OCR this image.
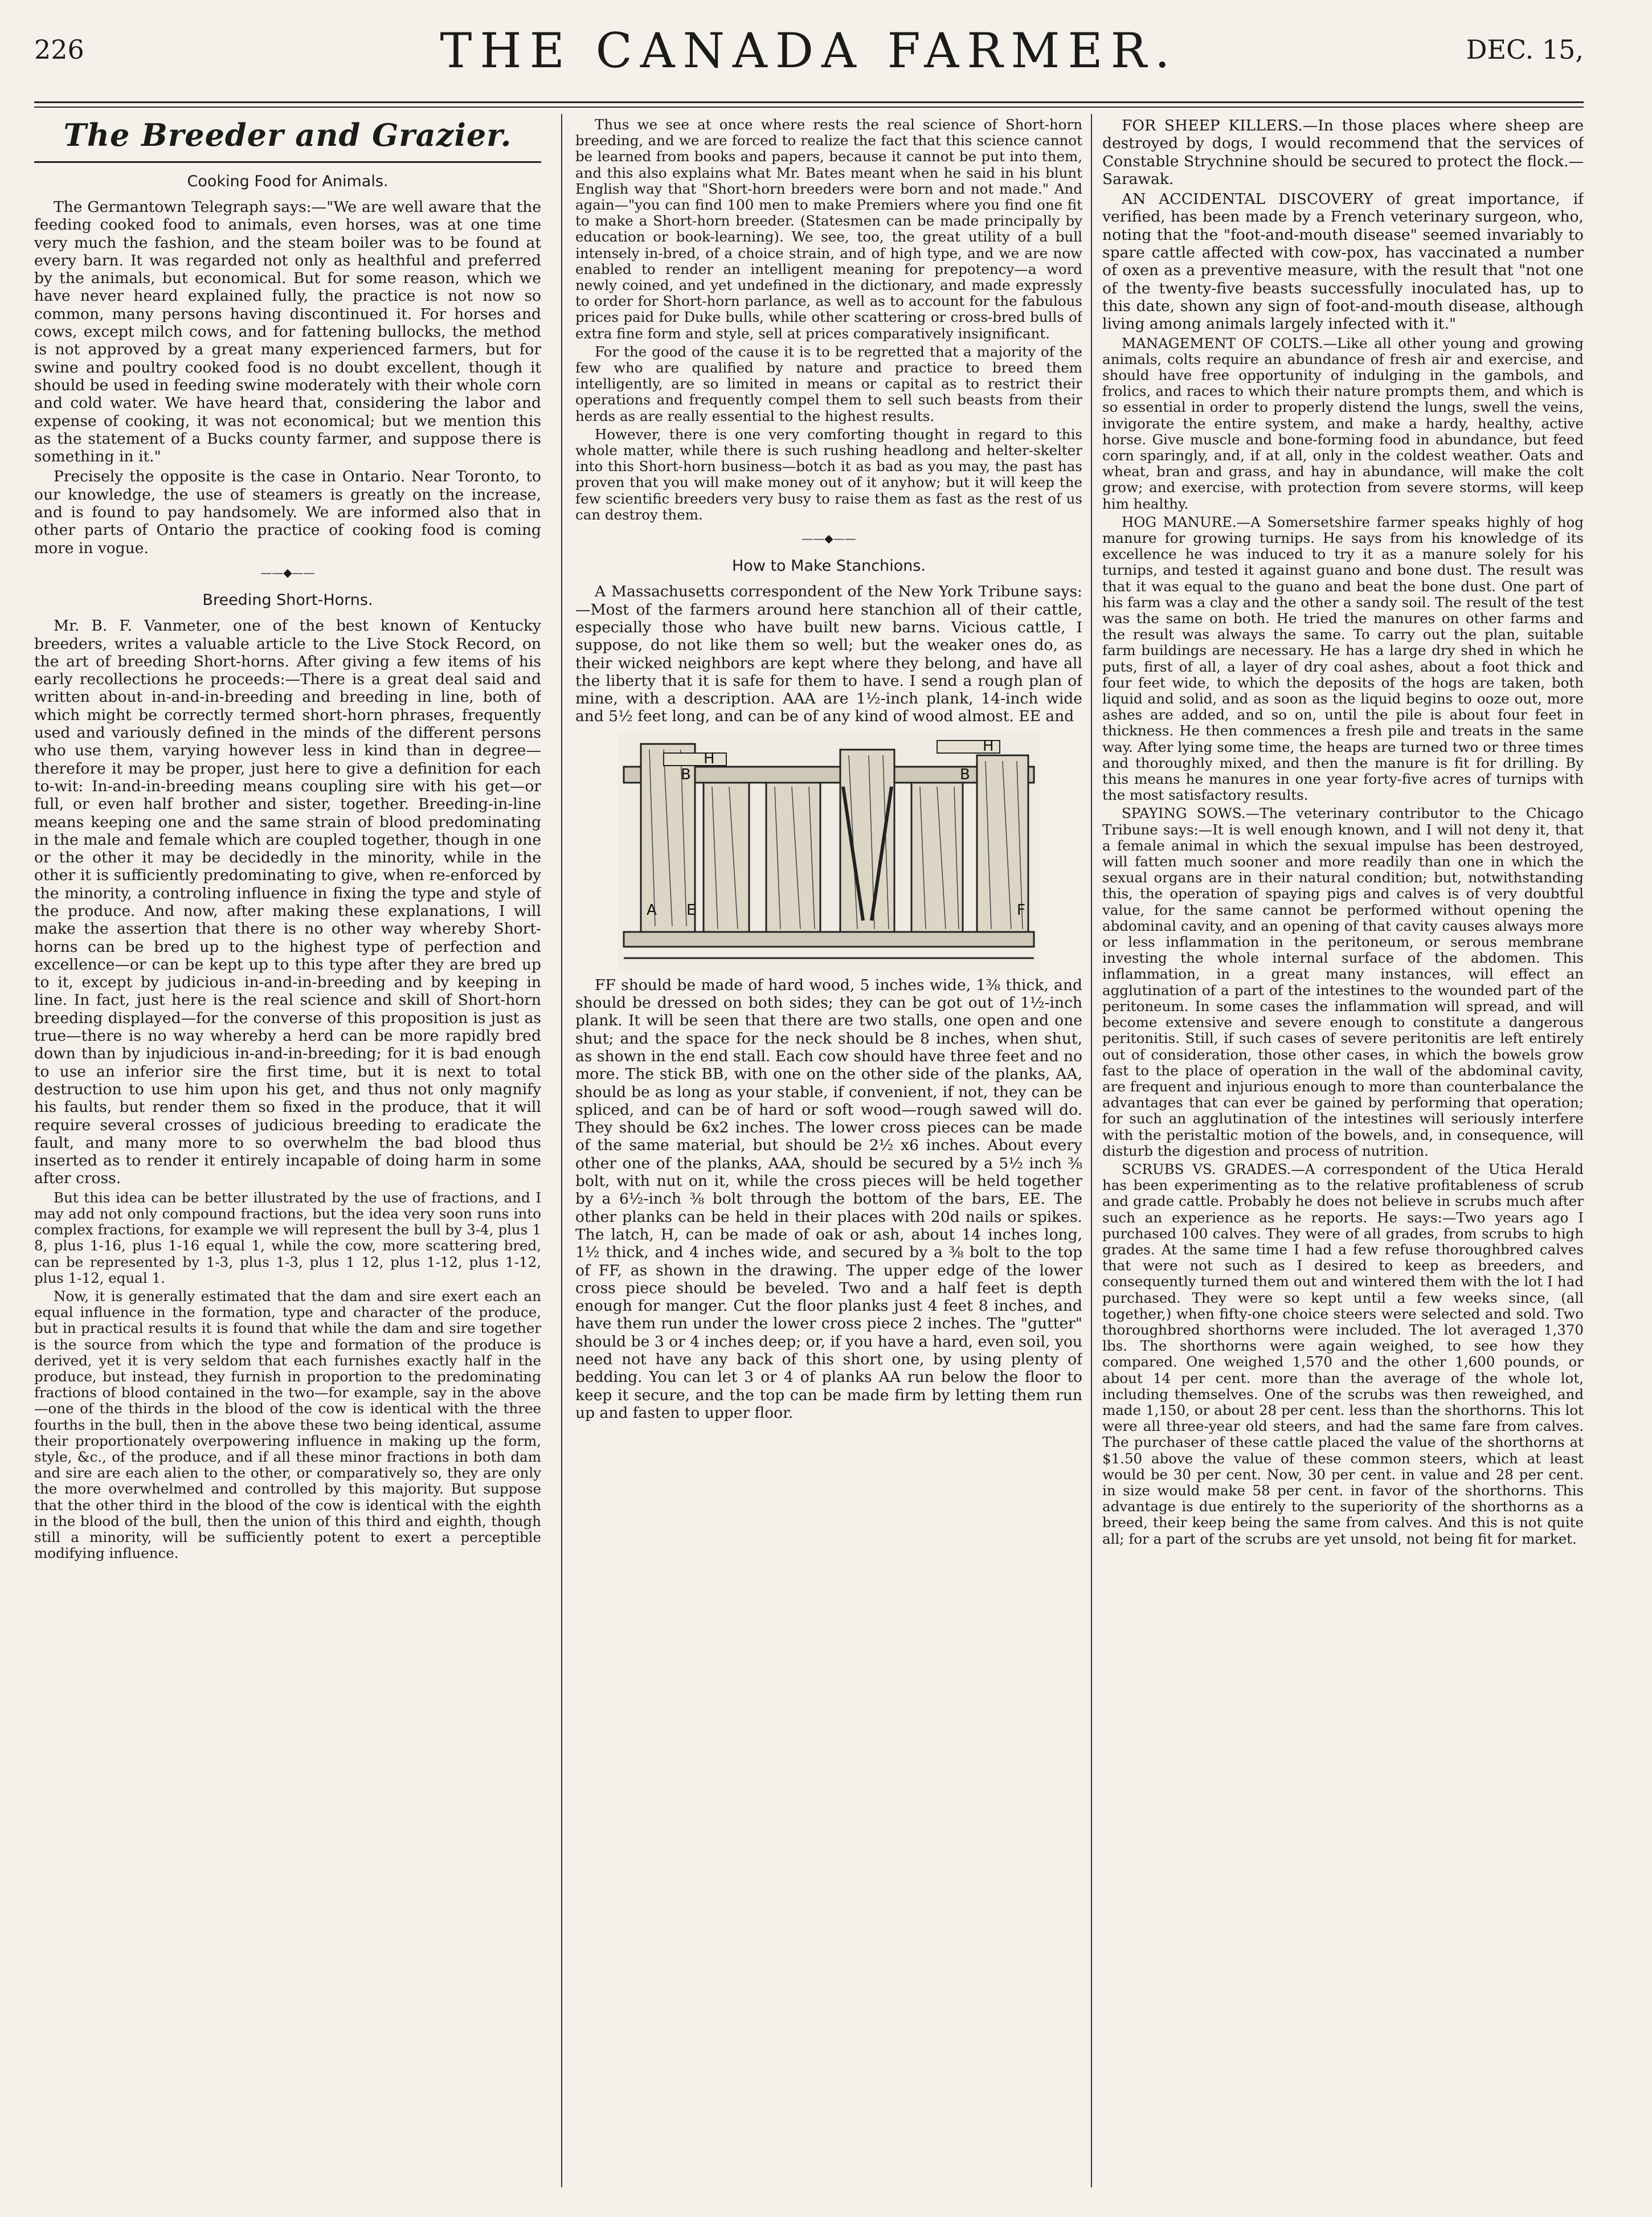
226	THE CANADA FARMER.	DEC. 15,
The Breeder and Grazier.
Cooking Food for Animals.

The Germantown Telegraph says:—"We are well aware that the feeding cooked food to animals, even horses, was at one time very much the fashion, and the steam boiler was to be found at every barn. It was regarded not only as healthful and preferred by the animals, but economical. But for some reason, which we have never heard explained fully, the practice is not now so common, many persons having discontinued it. For horses and cows, except milch cows, and for fattening bullocks, the method is not approved by a great many experienced farmers, but for swine and poultry cooked food is no doubt excellent, though it should be used in feeding swine moderately with their whole corn and cold water. We have heard that, considering the labor and expense of cooking, it was not economical; but we mention this as the statement of a Bucks county farmer, and suppose there is something in it."

Precisely the opposite is the case in Ontario. Near Toronto, to our knowledge, the use of steamers is greatly on the increase, and is found to pay handsomely. We are informed also that in other parts of Ontario the practice of cooking food is coming more in vogue.

——◆——
Breeding Short-Horns.

Mr. B. F. Vanmeter, one of the best known of Kentucky breeders, writes a valuable article to the Live Stock Record, on the art of breeding Short-horns. After giving a few items of his early recollections he proceeds:—There is a great deal said and written about in-and-in-breeding and breeding in line, both of which might be correctly termed short-horn phrases, frequently used and variously defined in the minds of the different persons who use them, varying however less in kind than in degree—therefore it may be proper, just here to give a definition for each to-wit: In-and-in-breeding means coupling sire with his get—or full, or even half brother and sister, together. Breeding-in-line means keeping one and the same strain of blood predominating in the male and female which are coupled together, though in one or the other it may be decidedly in the minority, while in the other it is sufficiently predominating to give, when re-enforced by the minority, a controling influence in fixing the type and style of the produce. And now, after making these explanations, I will make the assertion that there is no other way whereby Short-horns can be bred up to the highest type of perfection and excellence—or can be kept up to this type after they are bred up to it, except by judicious in-and-in-breeding and by keeping in line. In fact, just here is the real science and skill of Short-horn breeding displayed—for the converse of this proposition is just as true—there is no way whereby a herd can be more rapidly bred down than by injudicious in-and-in-breeding; for it is bad enough to use an inferior sire the first time, but it is next to total destruction to use him upon his get, and thus not only magnify his faults, but render them so fixed in the produce, that it will require several crosses of judicious breeding to eradicate the fault, and many more to so overwhelm the bad blood thus inserted as to render it entirely incapable of doing harm in some after cross.

But this idea can be better illustrated by the use of fractions, and I may add not only compound fractions, but the idea very soon runs into complex fractions, for example we will represent the bull by 3-4, plus 1 8, plus 1-16, plus 1-16 equal 1, while the cow, more scattering bred, can be represented by 1-3, plus 1-3, plus 1 12, plus 1-12, plus 1-12, plus 1-12, equal 1.

Now, it is generally estimated that the dam and sire exert each an equal influence in the formation, type and character of the produce, but in practical results it is found that while the dam and sire together is the source from which the type and formation of the produce is derived, yet it is very seldom that each furnishes exactly half in the produce, but instead, they furnish in proportion to the predominating fractions of blood contained in the two—for example, say in the above—one of the thirds in the blood of the cow is identical with the three fourths in the bull, then in the above these two being identical, assume their proportionately overpowering influence in making up the form, style, &c., of the produce, and if all these minor fractions in both dam and sire are each alien to the other, or comparatively so, they are only the more overwhelmed and controlled by this majority. But suppose that the other third in the blood of the cow is identical with the eighth in the blood of the bull, then the union of this third and eighth, though still a minority, will be sufficiently potent to exert a perceptible modifying influence.

Thus we see at once where rests the real science of Short-horn breeding, and we are forced to realize the fact that this science cannot be learned from books and papers, because it cannot be put into them, and this also explains what Mr. Bates meant when he said in his blunt English way that "Short-horn breeders were born and not made." And again—"you can find 100 men to make Premiers where you find one fit to make a Short-horn breeder. (Statesmen can be made principally by education or book-learning). We see, too, the great utility of a bull intensely in-bred, of a choice strain, and of high type, and we are now enabled to render an intelligent meaning for prepotency—a word newly coined, and yet undefined in the dictionary, and made expressly to order for Short-horn parlance, as well as to account for the fabulous prices paid for Duke bulls, while other scattering or cross-bred bulls of extra fine form and style, sell at prices comparatively insignificant.

For the good of the cause it is to be regretted that a majority of the few who are qualified by nature and practice to breed them intelligently, are so limited in means or capital as to restrict their operations and frequently compel them to sell such beasts from their herds as are really essential to the highest results.

However, there is one very comforting thought in regard to this whole matter, while there is such rushing headlong and helter-skelter into this Short-horn business—botch it as bad as you may, the past has proven that you will make money out of it anyhow; but it will keep the few scientific breeders very busy to raise them as fast as the rest of us can destroy them.

——◆——
How to Make Stanchions.

A Massachusetts correspondent of the New York Tribune says:—Most of the farmers around here stanchion all of their cattle, especially those who have built new barns. Vicious cattle, I suppose, do not like them so well; but the weaker ones do, as their wicked neighbors are kept where they belong, and have all the liberty that it is safe for them to have. I send a rough plan of mine, with a description. AAA are 1½-inch plank, 14-inch wide and 5½ feet long, and can be of any kind of wood almost. EE and

H
H
B	B
A E	F

FF should be made of hard wood, 5 inches wide, 1⅜ thick, and should be dressed on both sides; they can be got out of 1½-inch plank. It will be seen that there are two stalls, one open and one shut; and the space for the neck should be 8 inches, when shut, as shown in the end stall. Each cow should have three feet and no more. The stick BB, with one on the other side of the planks, AA, should be as long as your stable, if convenient, if not, they can be spliced, and can be of hard or soft wood—rough sawed will do. They should be 6x2 inches. The lower cross pieces can be made of the same material, but should be 2½ x6 inches. About every other one of the planks, AAA, should be secured by a 5½ inch ⅜ bolt, with nut on it, while the cross pieces will be held together by a 6½-inch ⅜ bolt through the bottom of the bars, EE. The other planks can be held in their places with 20d nails or spikes. The latch, H, can be made of oak or ash, about 14 inches long, 1½ thick, and 4 inches wide, and secured by a ⅜ bolt to the top of FF, as shown in the drawing. The upper edge of the lower cross piece should be beveled. Two and a half feet is depth enough for manger. Cut the floor planks just 4 feet 8 inches, and have them run under the lower cross piece 2 inches. The "gutter" should be 3 or 4 inches deep; or, if you have a hard, even soil, you need not have any back of this short one, by using plenty of bedding. You can let 3 or 4 of planks AA run below the floor to keep it secure, and the top can be made firm by letting them run up and fasten to upper floor.

FOR SHEEP KILLERS.—In those places where sheep are destroyed by dogs, I would recommend that the services of Constable Strychnine should be secured to protect the flock.—Sarawak.

AN ACCIDENTAL DISCOVERY of great importance, if verified, has been made by a French veterinary surgeon, who, noting that the "foot-and-mouth disease" seemed invariably to spare cattle affected with cow-pox, has vaccinated a number of oxen as a preventive measure, with the result that "not one of the twenty-five beasts successfully inoculated has, up to this date, shown any sign of foot-and-mouth disease, although living among animals largely infected with it."

MANAGEMENT OF COLTS.—Like all other young and growing animals, colts require an abundance of fresh air and exercise, and should have free opportunity of indulging in the gambols, and frolics, and races to which their nature prompts them, and which is so essential in order to properly distend the lungs, swell the veins, invigorate the entire system, and make a hardy, healthy, active horse. Give muscle and bone-forming food in abundance, but feed corn sparingly, and, if at all, only in the coldest weather. Oats and wheat, bran and grass, and hay in abundance, will make the colt grow; and exercise, with protection from severe storms, will keep him healthy.

HOG MANURE.—A Somersetshire farmer speaks highly of hog manure for growing turnips. He says from his knowledge of its excellence he was induced to try it as a manure solely for his turnips, and tested it against guano and bone dust. The result was that it was equal to the guano and beat the bone dust. One part of his farm was a clay and the other a sandy soil. The result of the test was the same on both. He tried the manures on other farms and the result was always the same. To carry out the plan, suitable farm buildings are necessary. He has a large dry shed in which he puts, first of all, a layer of dry coal ashes, about a foot thick and four feet wide, to which the deposits of the hogs are taken, both liquid and solid, and as soon as the liquid begins to ooze out, more ashes are added, and so on, until the pile is about four feet in thickness. He then commences a fresh pile and treats in the same way. After lying some time, the heaps are turned two or three times and thoroughly mixed, and then the manure is fit for drilling. By this means he manures in one year forty-five acres of turnips with the most satisfactory results.

SPAYING SOWS.—The veterinary contributor to the Chicago Tribune says:—It is well enough known, and I will not deny it, that a female animal in which the sexual impulse has been destroyed, will fatten much sooner and more readily than one in which the sexual organs are in their natural condition; but, notwithstanding this, the operation of spaying pigs and calves is of very doubtful value, for the same cannot be performed without opening the abdominal cavity, and an opening of that cavity causes always more or less inflammation in the peritoneum, or serous membrane investing the whole internal surface of the abdomen. This inflammation, in a great many instances, will effect an agglutination of a part of the intestines to the wounded part of the peritoneum. In some cases the inflammation will spread, and will become extensive and severe enough to constitute a dangerous peritonitis. Still, if such cases of severe peritonitis are left entirely out of consideration, those other cases, in which the bowels grow fast to the place of operation in the wall of the abdominal cavity, are frequent and injurious enough to more than counterbalance the advantages that can ever be gained by performing that operation; for such an agglutination of the intestines will seriously interfere with the peristaltic motion of the bowels, and, in consequence, will disturb the digestion and process of nutrition.

SCRUBS VS. GRADES.—A correspondent of the Utica Herald has been experimenting as to the relative profitableness of scrub and grade cattle. Probably he does not believe in scrubs much after such an experience as he reports. He says:—Two years ago I purchased 100 calves. They were of all grades, from scrubs to high grades. At the same time I had a few refuse thoroughbred calves that were not such as I desired to keep as breeders, and consequently turned them out and wintered them with the lot I had purchased. They were so kept until a few weeks since, (all together,) when fifty-one choice steers were selected and sold. Two thoroughbred shorthorns were included. The lot averaged 1,370 lbs. The shorthorns were again weighed, to see how they compared. One weighed 1,570 and the other 1,600 pounds, or about 14 per cent. more than the average of the whole lot, including themselves. One of the scrubs was then reweighed, and made 1,150, or about 28 per cent. less than the shorthorns. This lot were all three-year old steers, and had the same fare from calves. The purchaser of these cattle placed the value of the shorthorns at $1.50 above the value of these common steers, which at least would be 30 per cent. Now, 30 per cent. in value and 28 per cent. in size would make 58 per cent. in favor of the shorthorns. This advantage is due entirely to the superiority of the shorthorns as a breed, their keep being the same from calves. And this is not quite all; for a part of the scrubs are yet unsold, not being fit for market.
